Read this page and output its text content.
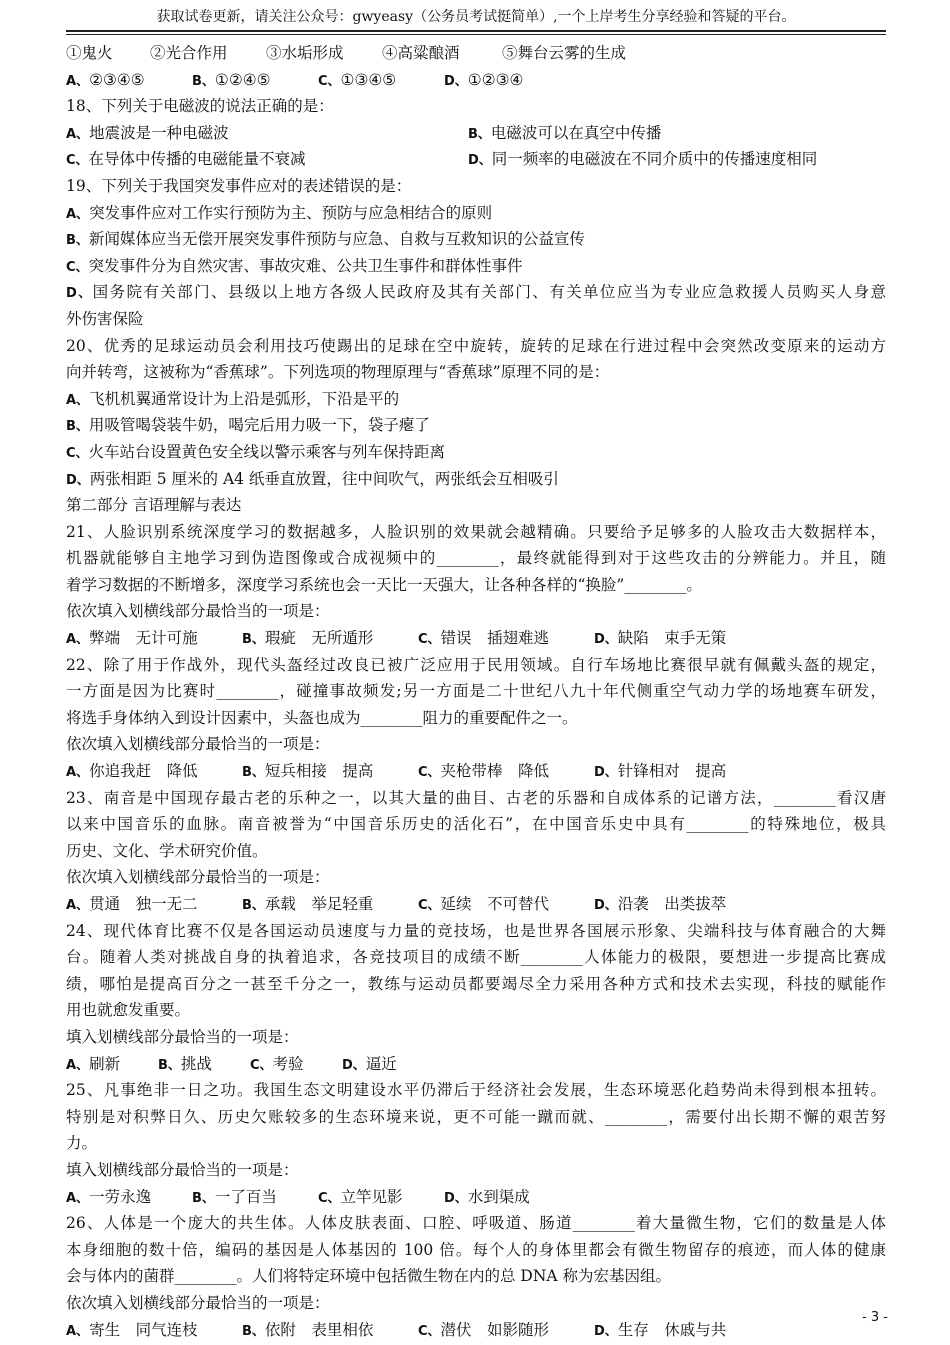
获取试卷更新，请关注公众号：gwyeasy（公务员考试挺简单）,一个上岸考生分享经验和答疑的平台。
①鬼火 ②光合作用 ③水垢形成 ④高粱酿酒	⑤舞台云雾的生成
A、②③④⑤	B、①②④⑤	C、①③④⑤	D、①②③④
18、下列关于电磁波的说法正确的是：
A、地震波是一种电磁波	B、电磁波可以在真空中传播
C、在导体中传播的电磁能量不衰减	D、同一频率的电磁波在不同介质中的传播速度相同
19、下列关于我国突发事件应对的表述错误的是：
A、突发事件应对工作实行预防为主、预防与应急相结合的原则
B、新闻媒体应当无偿开展突发事件预防与应急、自救与互救知识的公益宣传
C、突发事件分为自然灾害、事故灾难、公共卫生事件和群体性事件
D、国务院有关部门、县级以上地方各级人民政府及其有关部门、有关单位应当为专业应急救援人员购买人身意
外伤害保险
20、优秀的足球运动员会利用技巧使踢出的足球在空中旋转，旋转的足球在行进过程中会突然改变原来的运动方
向并转弯，这被称为“香蕉球”。下列选项的物理原理与“香蕉球”原理不同的是：
A、飞机机翼通常设计为上沿是弧形，下沿是平的
B、用吸管喝袋装牛奶，喝完后用力吸一下，袋子瘪了
C、火车站台设置黄色安全线以警示乘客与列车保持距离
D、两张相距 5 厘米的 A4 纸垂直放置，往中间吹气，两张纸会互相吸引
第二部分 言语理解与表达
21、人脸识别系统深度学习的数据越多，人脸识别的效果就会越精确。只要给予足够多的人脸攻击大数据样本，
机器就能够自主地学习到伪造图像或合成视频中的________，最终就能得到对于这些攻击的分辨能力。并且，随
着学习数据的不断增多，深度学习系统也会一天比一天强大，让各种各样的“换脸”________。
依次填入划横线部分最恰当的一项是：
A、弊端　无计可施	B、瑕疵　无所遁形	C、错误　插翅难逃	D、缺陷　束手无策
22、除了用于作战外，现代头盔经过改良已被广泛应用于民用领域。自行车场地比赛很早就有佩戴头盔的规定，
一方面是因为比赛时________，碰撞事故频发;另一方面是二十世纪八九十年代侧重空气动力学的场地赛车研发，
将选手身体纳入到设计因素中，头盔也成为________阻力的重要配件之一。
依次填入划横线部分最恰当的一项是：
A、你追我赶　降低	B、短兵相接　提高	C、夹枪带棒　降低	D、针锋相对　提高
23、南音是中国现存最古老的乐种之一，以其大量的曲目、古老的乐器和自成体系的记谱方法，________看汉唐
以来中国音乐的血脉。南音被誉为“中国音乐历史的活化石”，在中国音乐史中具有________的特殊地位，极具
历史、文化、学术研究价值。
依次填入划横线部分最恰当的一项是：
A、贯通　独一无二	B、承载　举足轻重	C、延续　不可替代	D、沿袭　出类拔萃
24、现代体育比赛不仅是各国运动员速度与力量的竞技场，也是世界各国展示形象、尖端科技与体育融合的大舞
台。随着人类对挑战自身的执着追求，各竞技项目的成绩不断________人体能力的极限，要想进一步提高比赛成
绩，哪怕是提高百分之一甚至千分之一，教练与运动员都要竭尽全力采用各种方式和技术去实现，科技的赋能作
用也就愈发重要。
填入划横线部分最恰当的一项是：
A、刷新	B、挑战	C、考验	D、逼近
25、凡事绝非一日之功。我国生态文明建设水平仍滞后于经济社会发展，生态环境恶化趋势尚未得到根本扭转。
特别是对积弊日久、历史欠账较多的生态环境来说，更不可能一蹴而就、________，需要付出长期不懈的艰苦努
力。
填入划横线部分最恰当的一项是：
A、一劳永逸	B、一了百当	C、立竿见影	D、水到渠成
26、人体是一个庞大的共生体。人体皮肤表面、口腔、呼吸道、肠道________着大量微生物，它们的数量是人体
本身细胞的数十倍，编码的基因是人体基因的 100 倍。每个人的身体里都会有微生物留存的痕迹，而人体的健康
会与体内的菌群________。人们将特定环境中包括微生物在内的总 DNA 称为宏基因组。
依次填入划横线部分最恰当的一项是：
A、寄生　同气连枝	B、依附　表里相依	C、潜伏　如影随形	D、生存　休戚与共
- 3 -
